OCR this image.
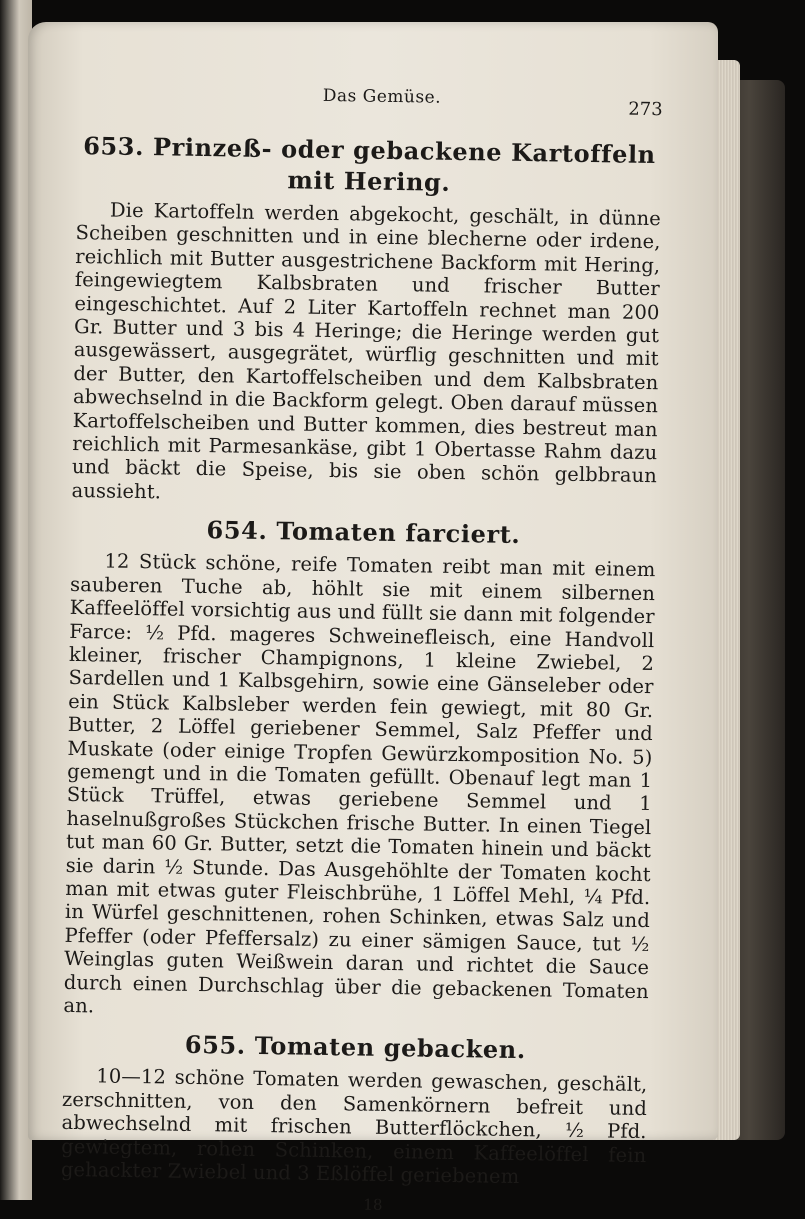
Das Gemüse.
273
653. Prinzeß- oder gebackene Kartoffeln mit Hering.

Die Kartoffeln werden abgekocht, geschält, in dünne Scheiben geschnitten und in eine blecherne oder irdene, reichlich mit Butter ausgestrichene Backform mit Hering, feingewiegtem Kalbsbraten und frischer Butter eingeschichtet. Auf 2 Liter Kartoffeln rechnet man 200 Gr. Butter und 3 bis 4 Heringe; die Heringe werden gut ausgewässert, ausgegrätet, würflig geschnitten und mit der Butter, den Kartoffelscheiben und dem Kalbsbraten abwechselnd in die Backform gelegt. Oben darauf müssen Kartoffelscheiben und Butter kommen, dies bestreut man reichlich mit Parmesankäse, gibt 1 Obertasse Rahm dazu und bäckt die Speise, bis sie oben schön gelbbraun aussieht.

654. Tomaten farciert.

12 Stück schöne, reife Tomaten reibt man mit einem sauberen Tuche ab, höhlt sie mit einem silbernen Kaffeelöffel vorsichtig aus und füllt sie dann mit folgender Farce: ½ Pfd. mageres Schweinefleisch, eine Handvoll kleiner, frischer Champignons, 1 kleine Zwiebel, 2 Sardellen und 1 Kalbsgehirn, sowie eine Gänseleber oder ein Stück Kalbsleber werden fein gewiegt, mit 80 Gr. Butter, 2 Löffel geriebener Semmel, Salz Pfeffer und Muskate (oder einige Tropfen Gewürzkomposition No. 5) gemengt und in die Tomaten gefüllt. Obenauf legt man 1 Stück Trüffel, etwas geriebene Semmel und 1 haselnußgroßes Stückchen frische Butter. In einen Tiegel tut man 60 Gr. Butter, setzt die Tomaten hinein und bäckt sie darin ½ Stunde. Das Ausgehöhlte der Tomaten kocht man mit etwas guter Fleischbrühe, 1 Löffel Mehl, ¼ Pfd. in Würfel geschnittenen, rohen Schinken, etwas Salz und Pfeffer (oder Pfeffersalz) zu einer sämigen Sauce, tut ½ Weinglas guten Weißwein daran und richtet die Sauce durch einen Durchschlag über die gebackenen Tomaten an.

655. Tomaten gebacken.

10—12 schöne Tomaten werden gewaschen, geschält, zerschnitten, von den Samenkörnern befreit und abwechselnd mit frischen Butterflöckchen, ½ Pfd. gewiegtem, rohen Schinken, einem Kaffeelöffel fein gehackter Zwiebel und 3 Eßlöffel geriebenem

18
